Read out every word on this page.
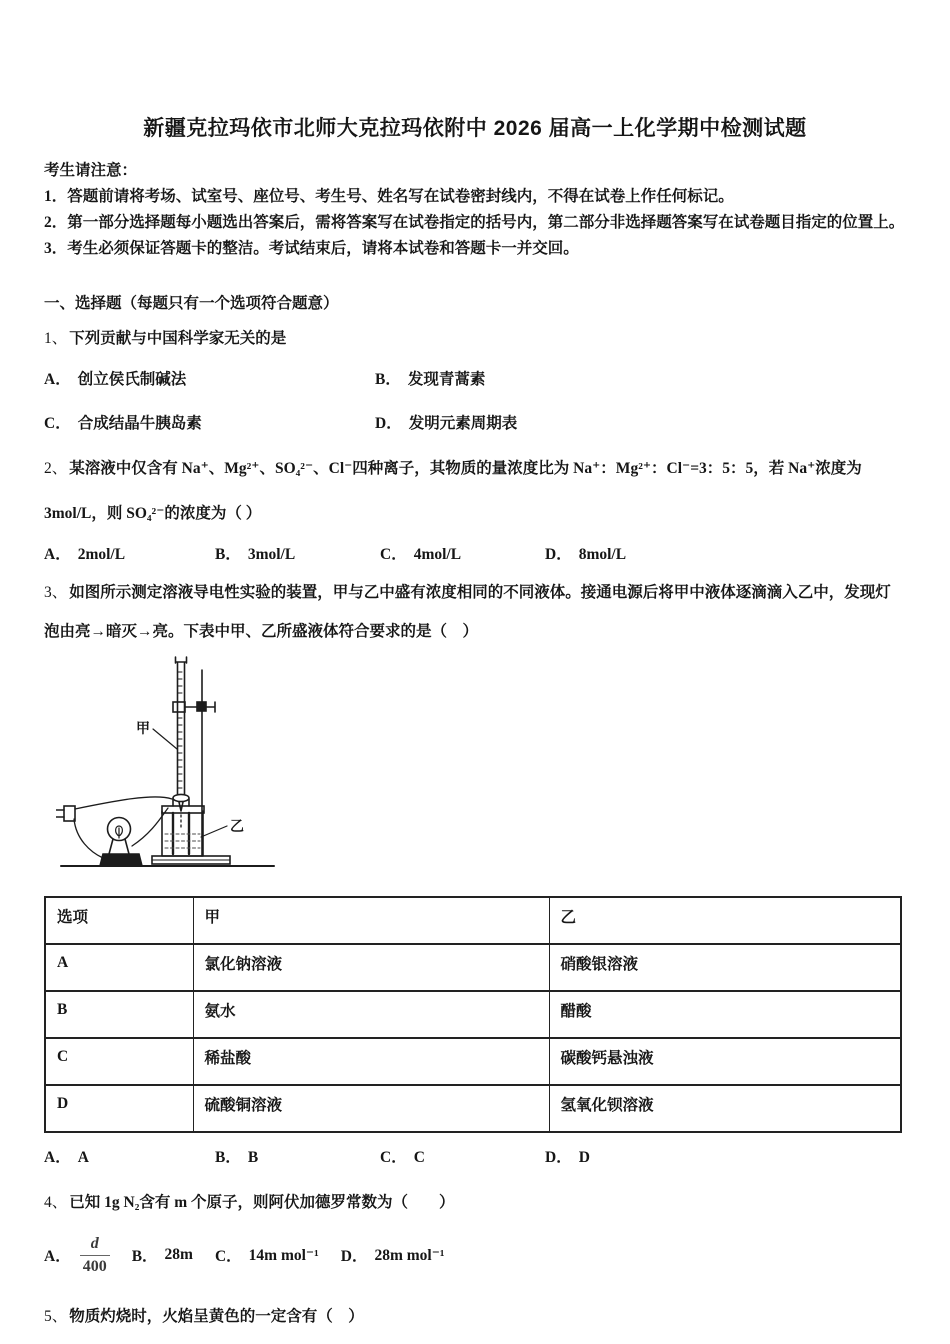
新疆克拉玛依市北师大克拉玛依附中 2026 届高一上化学期中检测试题

考生请注意：

1．答题前请将考场、试室号、座位号、考生号、姓名写在试卷密封线内，不得在试卷上作任何标记。

2．第一部分选择题每小题选出答案后，需将答案写在试卷指定的括号内，第二部分非选择题答案写在试卷题目指定的位置上。

3．考生必须保证答题卡的整洁。考试结束后，请将本试卷和答题卡一并交回。

一、选择题（每题只有一个选项符合题意）

1、 下列贡献与中国科学家无关的是

A． 创立侯氏制碱法	B． 发现青蒿素
C． 合成结晶牛胰岛素	D． 发明元素周期表

2、 某溶液中仅含有 Na⁺、Mg²⁺、SO₄²⁻、Cl⁻四种离子，其物质的量浓度比为 Na⁺：Mg²⁺：Cl⁻=3：5：5，若 Na⁺浓度为 3mol/L，则 SO₄²⁻的浓度为（ ）

A． 2mol/L	B． 3mol/L	C． 4mol/L	D． 8mol/L

3、 如图所示测定溶液导电性实验的装置，甲与乙中盛有浓度相同的不同液体。接通电源后将甲中液体逐滴滴入乙中，发现灯泡由亮→暗灭→亮。下表中甲、乙所盛液体符合要求的是（　）

甲
乙
选项	甲	乙
A	氯化钠溶液	硝酸银溶液
B	氨水	醋酸
C	稀盐酸	碳酸钙悬浊液
D	硫酸铜溶液	氢氧化钡溶液
A． A	B． B	C． C	D． D

4、 已知 1g N₂含有 m 个原子，则阿伏加德罗常数为（　　）

A． $\frac{d}{400}$ B． 28m C． 14m mol⁻¹ D． 28m mol⁻¹

5、 物质灼烧时，火焰呈黄色的一定含有（　）
